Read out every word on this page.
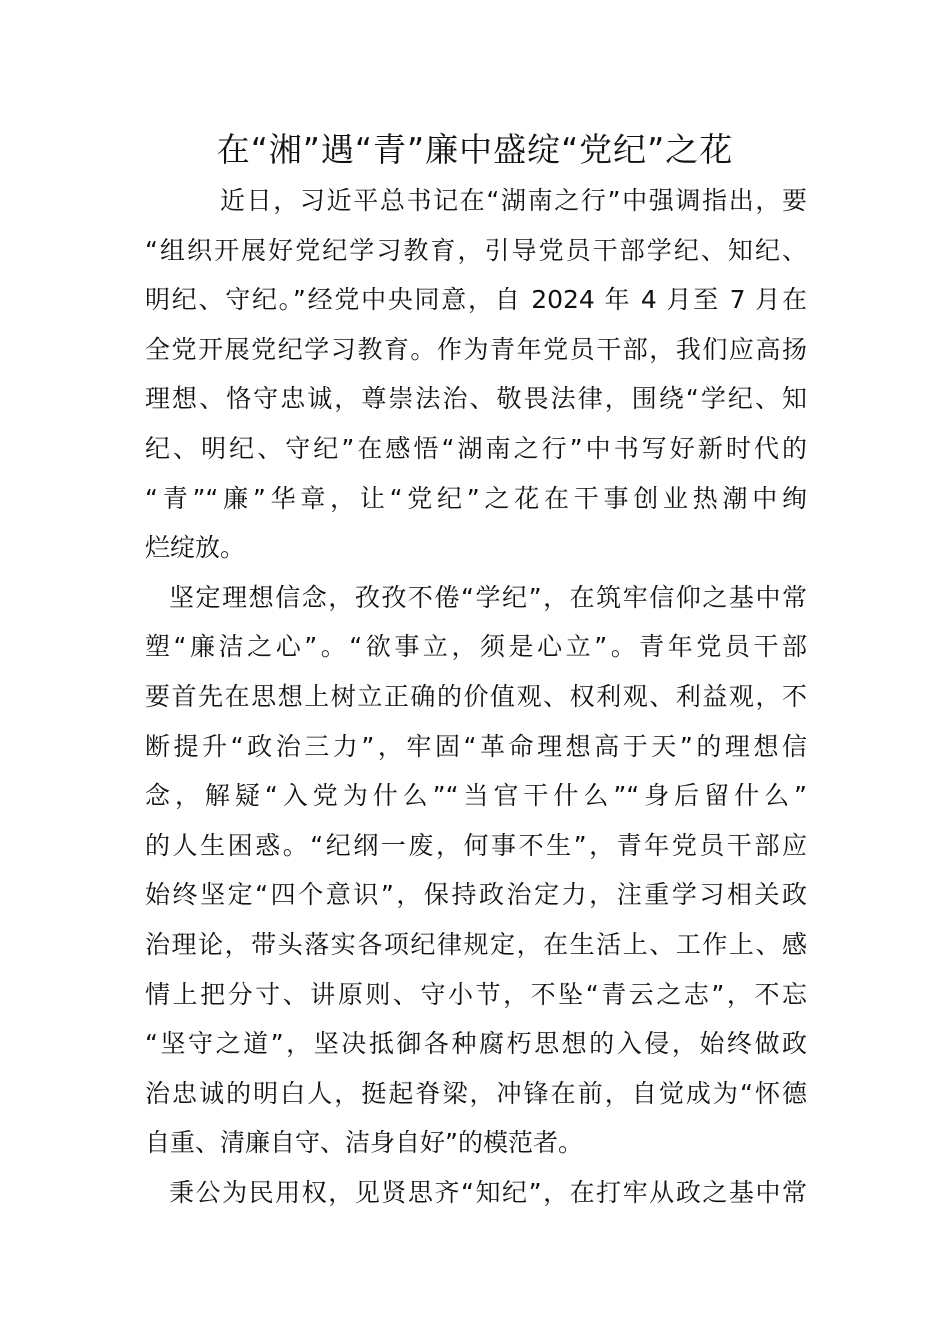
在“湘”遇“青”廉中盛绽“党纪”之花
近日，习近平总书记在“湖南之行”中强调指出，要
“组织开展好党纪学习教育，引导党员干部学纪、知纪、
明纪、守纪。”经党中央同意，自 2024 年 4 月至 7 月在
全党开展党纪学习教育。作为青年党员干部，我们应高扬
理想、恪守忠诚，尊崇法治、敬畏法律，围绕“学纪、知
纪、明纪、守纪”在感悟“湖南之行”中书写好新时代的
“青”“廉”华章，让“党纪”之花在干事创业热潮中绚
烂绽放。
坚定理想信念，孜孜不倦“学纪”，在筑牢信仰之基中常
塑“廉洁之心”。“欲事立，须是心立”。青年党员干部
要首先在思想上树立正确的价值观、权利观、利益观，不
断提升“政治三力”，牢固“革命理想高于天”的理想信
念，解疑“入党为什么”“当官干什么”“身后留什么”
的人生困惑。“纪纲一废，何事不生”，青年党员干部应
始终坚定“四个意识”，保持政治定力，注重学习相关政
治理论，带头落实各项纪律规定，在生活上、工作上、感
情上把分寸、讲原则、守小节，不坠“青云之志”，不忘
“坚守之道”，坚决抵御各种腐朽思想的入侵，始终做政
治忠诚的明白人，挺起脊梁，冲锋在前，自觉成为“怀德
自重、清廉自守、洁身自好”的模范者。
秉公为民用权，见贤思齐“知纪”，在打牢从政之基中常
